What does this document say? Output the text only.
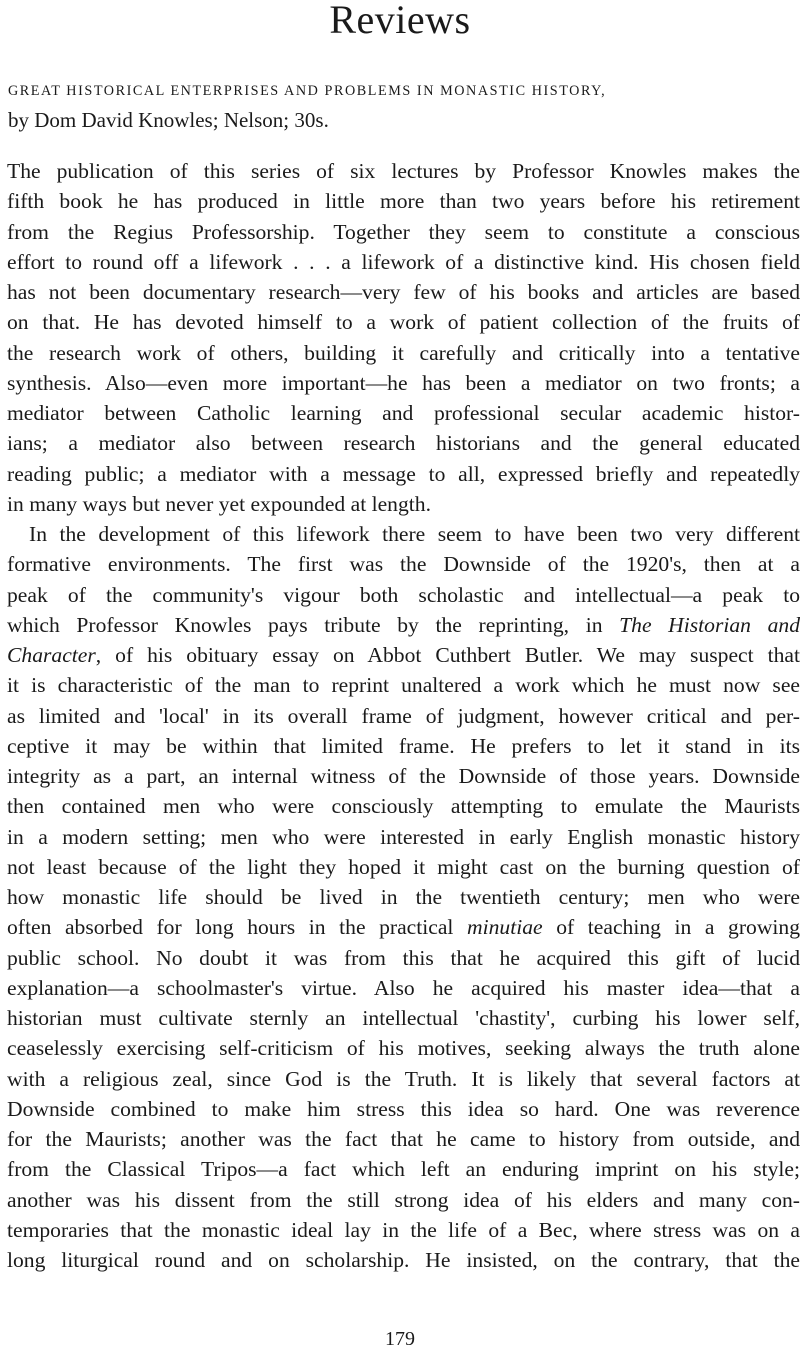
Reviews
GREAT HISTORICAL ENTERPRISES AND PROBLEMS IN MONASTIC HISTORY,
by Dom David Knowles; Nelson; 30s.
The publication of this series of six lectures by Professor Knowles makes the
fifth book he has produced in little more than two years before his retirement
from the Regius Professorship. Together they seem to constitute a conscious
effort to round off a lifework . . . a lifework of a distinctive kind. His chosen field
has not been documentary research—very few of his books and articles are based
on that. He has devoted himself to a work of patient collection of the fruits of
the research work of others, building it carefully and critically into a tentative
synthesis. Also—even more important—he has been a mediator on two fronts; a
mediator between Catholic learning and professional secular academic histor-
ians; a mediator also between research historians and the general educated
reading public; a mediator with a message to all, expressed briefly and repeatedly
in many ways but never yet expounded at length.
In the development of this lifework there seem to have been two very different
formative environments. The first was the Downside of the 1920's, then at a
peak of the community's vigour both scholastic and intellectual—a peak to
which Professor Knowles pays tribute by the reprinting, in The Historian and
Character, of his obituary essay on Abbot Cuthbert Butler. We may suspect that
it is characteristic of the man to reprint unaltered a work which he must now see
as limited and 'local' in its overall frame of judgment, however critical and per-
ceptive it may be within that limited frame. He prefers to let it stand in its
integrity as a part, an internal witness of the Downside of those years. Downside
then contained men who were consciously attempting to emulate the Maurists
in a modern setting; men who were interested in early English monastic history
not least because of the light they hoped it might cast on the burning question of
how monastic life should be lived in the twentieth century; men who were
often absorbed for long hours in the practical minutiae of teaching in a growing
public school. No doubt it was from this that he acquired this gift of lucid
explanation—a schoolmaster's virtue. Also he acquired his master idea—that a
historian must cultivate sternly an intellectual 'chastity', curbing his lower self,
ceaselessly exercising self-criticism of his motives, seeking always the truth alone
with a religious zeal, since God is the Truth. It is likely that several factors at
Downside combined to make him stress this idea so hard. One was reverence
for the Maurists; another was the fact that he came to history from outside, and
from the Classical Tripos—a fact which left an enduring imprint on his style;
another was his dissent from the still strong idea of his elders and many con-
temporaries that the monastic ideal lay in the life of a Bec, where stress was on a
long liturgical round and on scholarship. He insisted, on the contrary, that the
179
